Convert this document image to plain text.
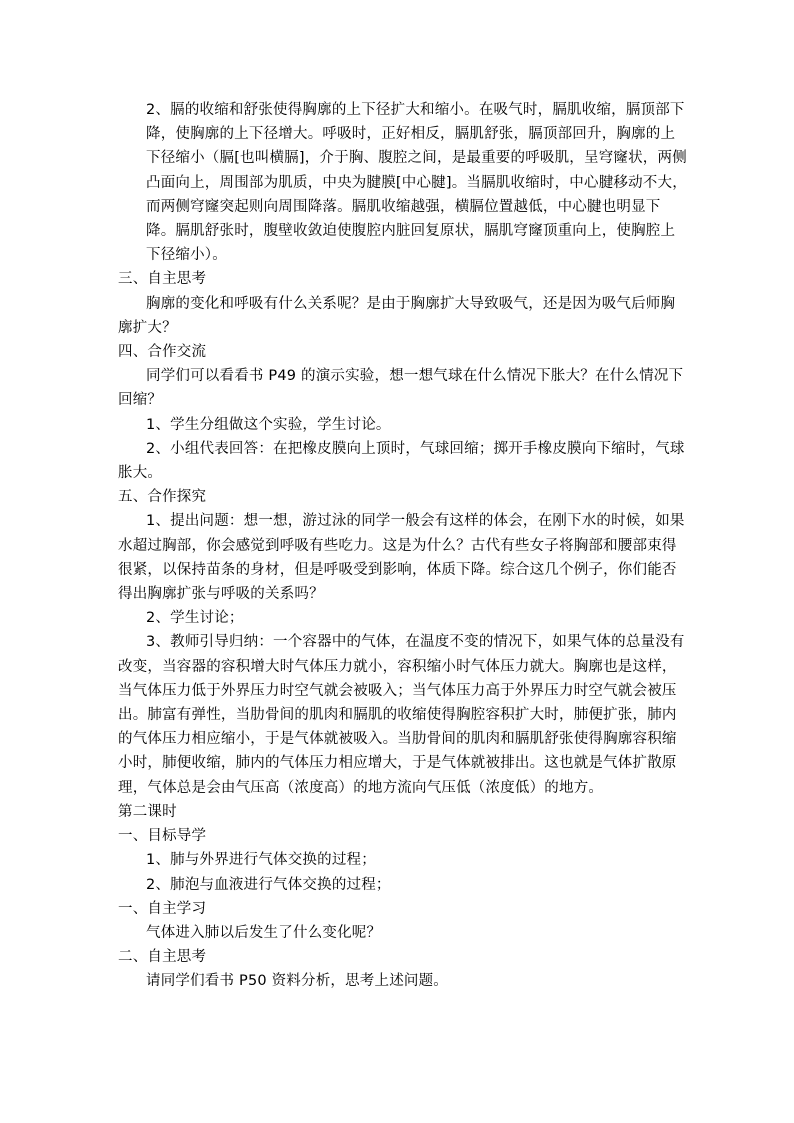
2、膈的收缩和舒张使得胸廓的上下径扩大和缩小。在吸气时，膈肌收缩，膈顶部下降，使胸廓的上下径增大。呼吸时，正好相反，膈肌舒张，膈顶部回升，胸廓的上下径缩小（膈[也叫横膈]，介于胸、腹腔之间，是最重要的呼吸肌，呈穹窿状，两侧凸面向上，周围部为肌质，中央为腱膜[中心腱]。当膈肌收缩时，中心腱移动不大，而两侧穹窿突起则向周围降落。膈肌收缩越强，横膈位置越低，中心腱也明显下降。膈肌舒张时，腹壁收敛迫使腹腔内脏回复原状，膈肌穹窿顶重向上，使胸腔上下径缩小）。

三、自主思考

胸廓的变化和呼吸有什么关系呢？是由于胸廓扩大导致吸气，还是因为吸气后师胸廓扩大？

四、合作交流

同学们可以看看书 P49 的演示实验，想一想气球在什么情况下胀大？在什么情况下回缩？

1、学生分组做这个实验，学生讨论。

2、小组代表回答：在把橡皮膜向上顶时，气球回缩；掷开手橡皮膜向下缩时，气球胀大。

五、合作探究

1、提出问题：想一想，游过泳的同学一般会有这样的体会，在刚下水的时候，如果水超过胸部，你会感觉到呼吸有些吃力。这是为什么？古代有些女子将胸部和腰部束得很紧，以保持苗条的身材，但是呼吸受到影响，体质下降。综合这几个例子，你们能否得出胸廓扩张与呼吸的关系吗？

2、学生讨论；

3、教师引导归纳：一个容器中的气体，在温度不变的情况下，如果气体的总量没有改变，当容器的容积增大时气体压力就小，容积缩小时气体压力就大。胸廓也是这样，当气体压力低于外界压力时空气就会被吸入；当气体压力高于外界压力时空气就会被压出。肺富有弹性，当肋骨间的肌肉和膈肌的收缩使得胸腔容积扩大时，肺便扩张，肺内的气体压力相应缩小，于是气体就被吸入。当肋骨间的肌肉和膈肌舒张使得胸廓容积缩小时，肺便收缩，肺内的气体压力相应增大，于是气体就被排出。这也就是气体扩散原理，气体总是会由气压高（浓度高）的地方流向气压低（浓度低）的地方。

第二课时

一、目标导学

1、肺与外界进行气体交换的过程；

2、肺泡与血液进行气体交换的过程；

一、自主学习

气体进入肺以后发生了什么变化呢？

二、自主思考

请同学们看书 P50 资料分析，思考上述问题。
